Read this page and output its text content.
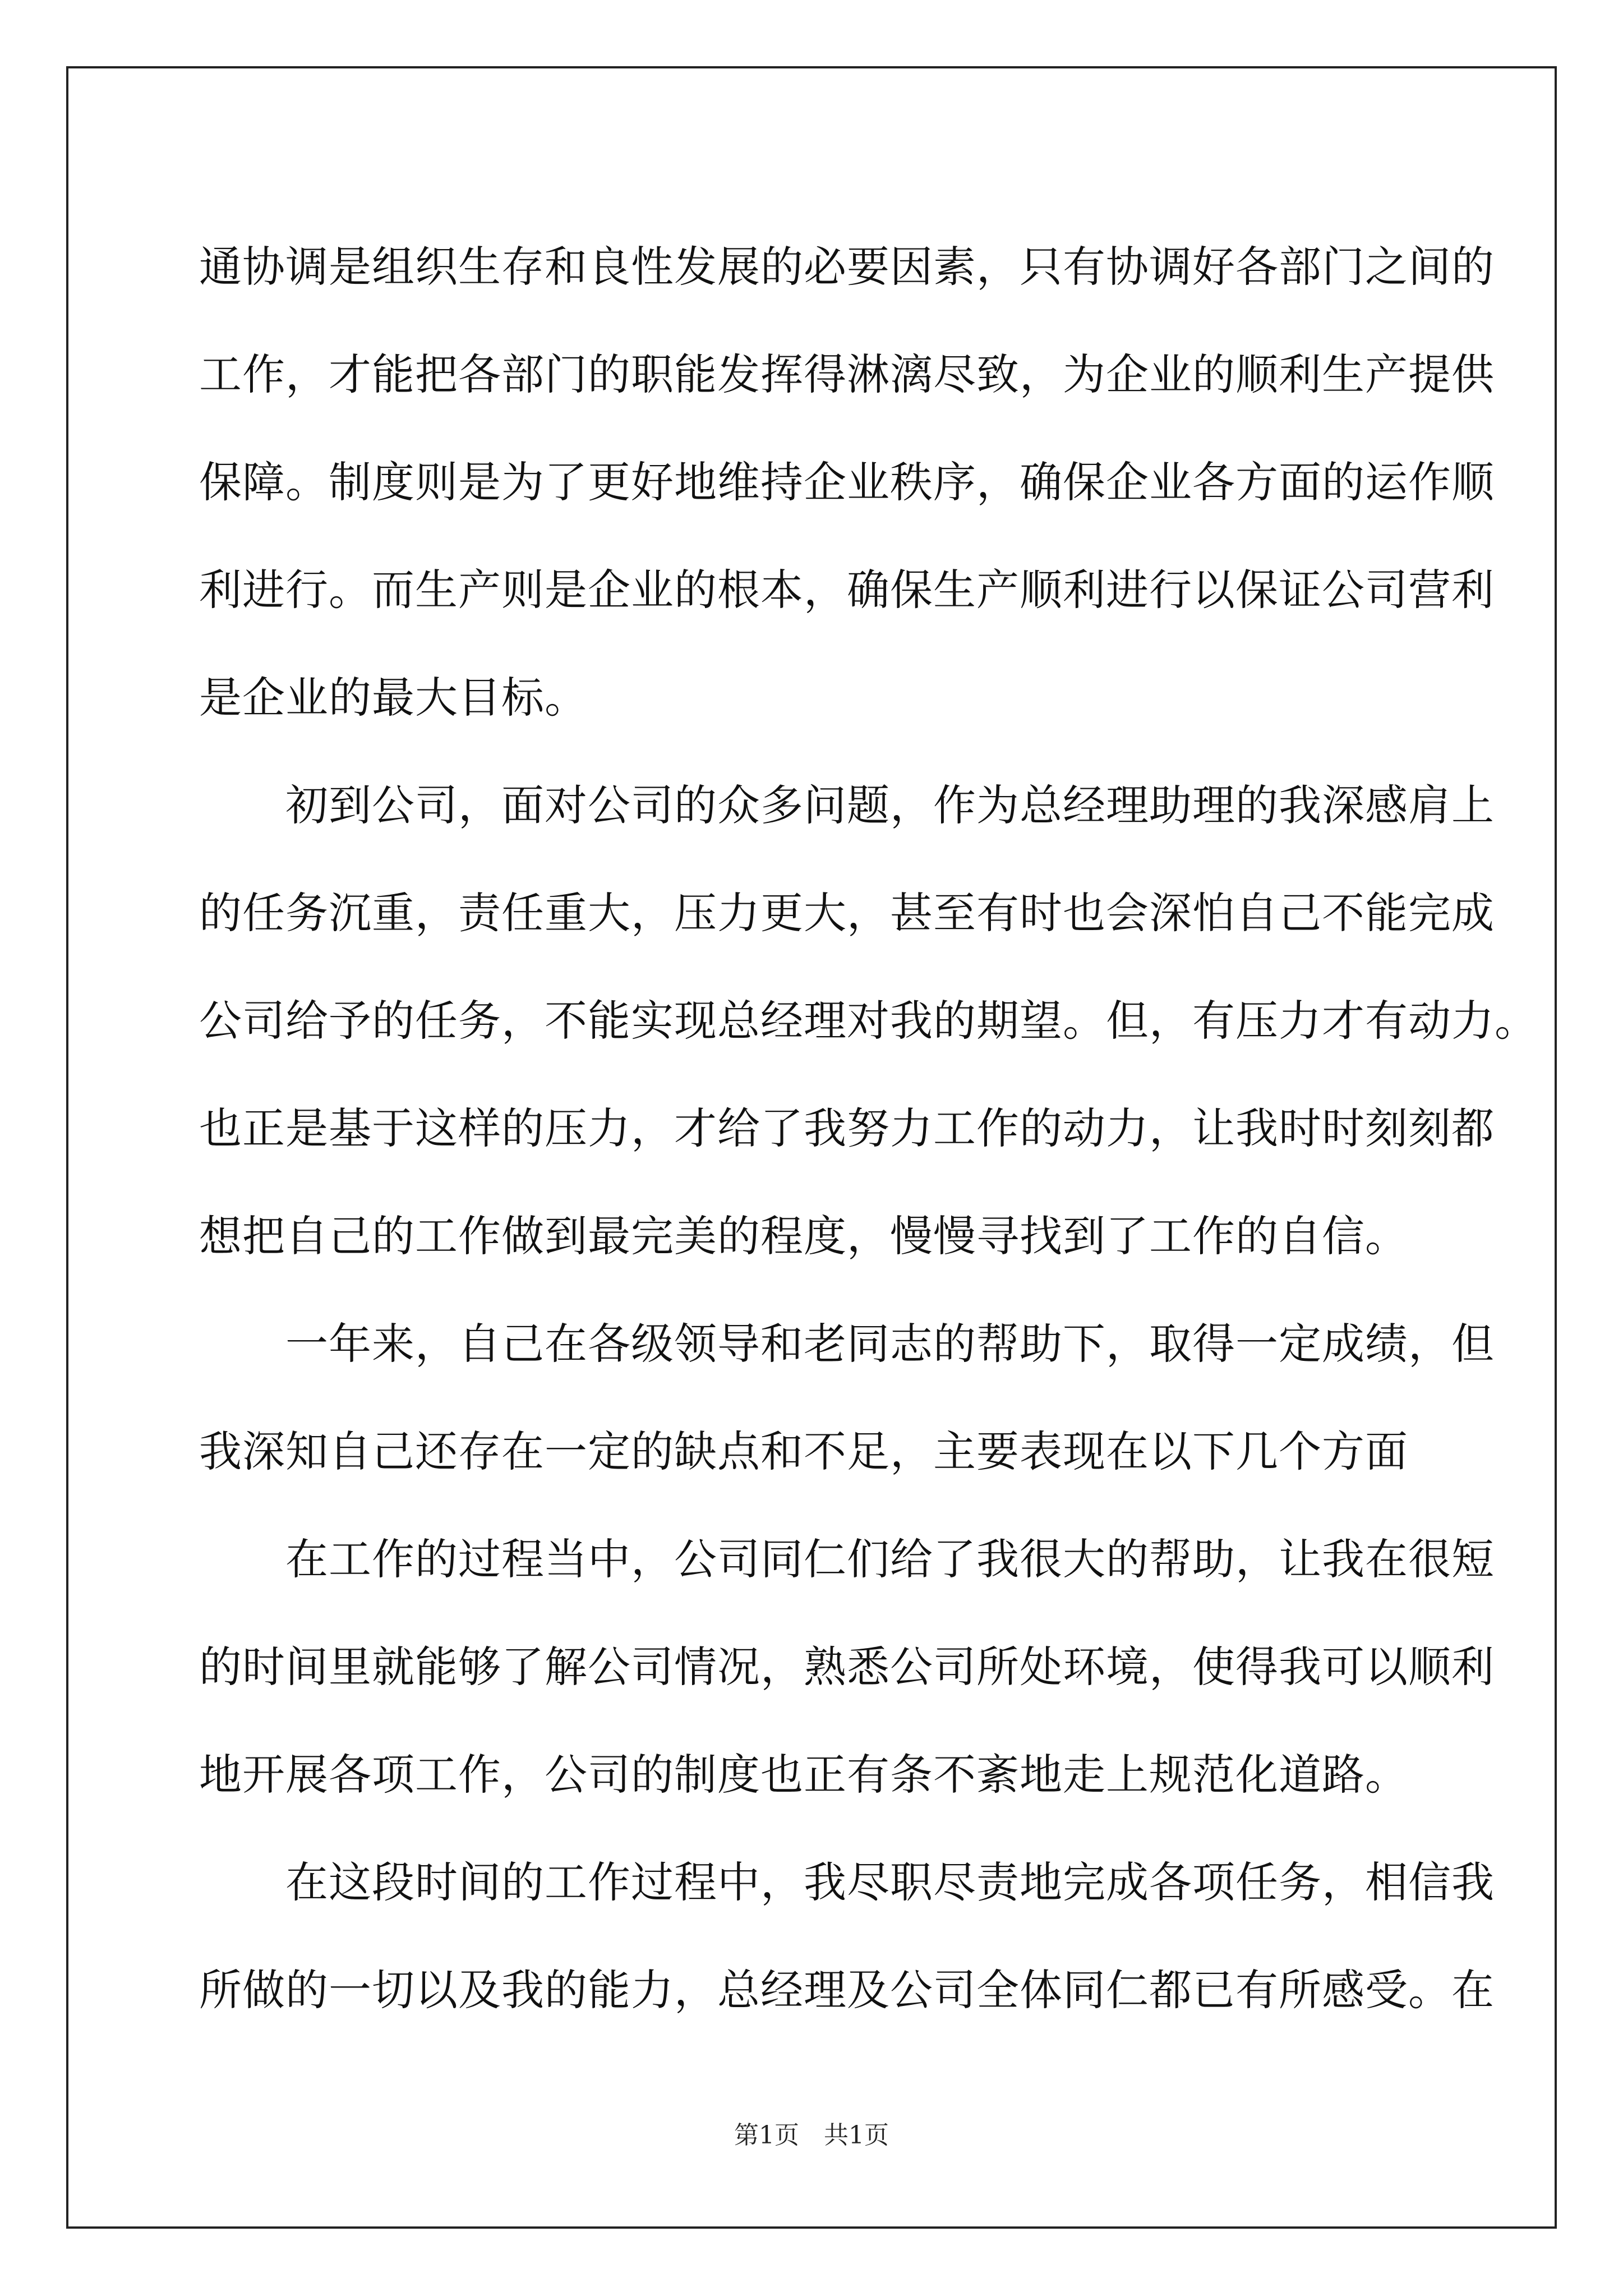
通协调是组织生存和良性发展的必要因素，只有协调好各部门之间的
工作，才能把各部门的职能发挥得淋漓尽致，为企业的顺利生产提供
保障。制度则是为了更好地维持企业秩序，确保企业各方面的运作顺
利进行。而生产则是企业的根本，确保生产顺利进行以保证公司营利
是企业的最大目标。
　　初到公司，面对公司的众多问题，作为总经理助理的我深感肩上
的任务沉重，责任重大，压力更大，甚至有时也会深怕自己不能完成
公司给予的任务，不能实现总经理对我的期望。但，有压力才有动力。
也正是基于这样的压力，才给了我努力工作的动力，让我时时刻刻都
想把自己的工作做到最完美的程度，慢慢寻找到了工作的自信。
　　一年来，自己在各级领导和老同志的帮助下，取得一定成绩，但
我深知自己还存在一定的缺点和不足，主要表现在以下几个方面
　　在工作的过程当中，公司同仁们给了我很大的帮助，让我在很短
的时间里就能够了解公司情况，熟悉公司所处环境，使得我可以顺利
地开展各项工作，公司的制度也正有条不紊地走上规范化道路。
　　在这段时间的工作过程中，我尽职尽责地完成各项任务，相信我
所做的一切以及我的能力，总经理及公司全体同仁都已有所感受。在
第1页　共1页
